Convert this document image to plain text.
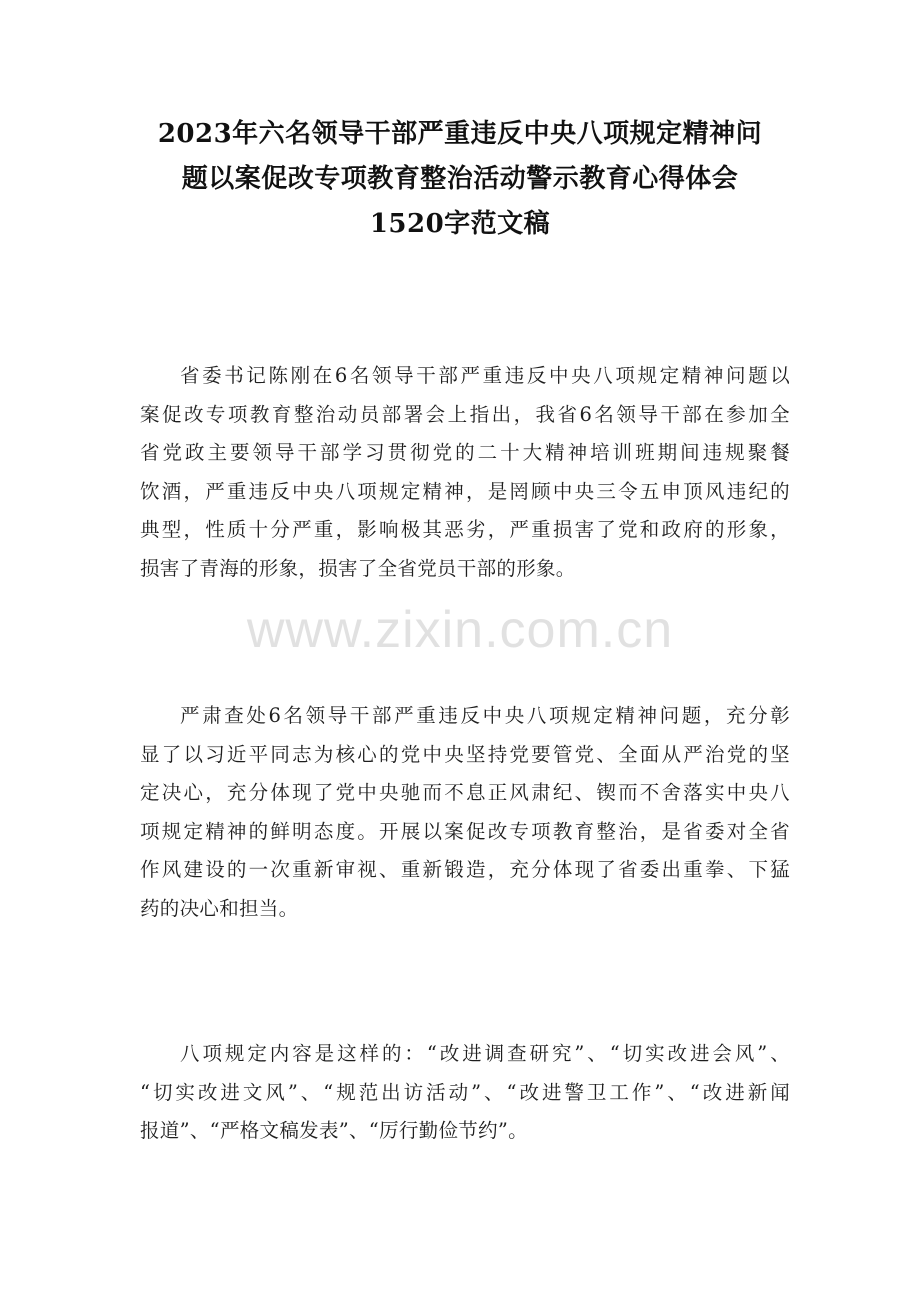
2023年六名领导干部严重违反中央八项规定精神问
题以案促改专项教育整治活动警示教育心得体会
1520字范文稿
省委书记陈刚在6名领导干部严重违反中央八项规定精神问题以
案促改专项教育整治动员部署会上指出，我省6名领导干部在参加全
省党政主要领导干部学习贯彻党的二十大精神培训班期间违规聚餐
饮酒，严重违反中央八项规定精神，是罔顾中央三令五申顶风违纪的
典型，性质十分严重，影响极其恶劣，严重损害了党和政府的形象，
损害了青海的形象，损害了全省党员干部的形象。
严肃查处6名领导干部严重违反中央八项规定精神问题，充分彰
显了以习近平同志为核心的党中央坚持党要管党、全面从严治党的坚
定决心，充分体现了党中央驰而不息正风肃纪、锲而不舍落实中央八
项规定精神的鲜明态度。开展以案促改专项教育整治，是省委对全省
作风建设的一次重新审视、重新锻造，充分体现了省委出重拳、下猛
药的决心和担当。
八项规定内容是这样的：“改进调查研究”、“切实改进会风”、
“切实改进文风”、“规范出访活动”、“改进警卫工作”、“改进新闻
报道”、“严格文稿发表”、“厉行勤俭节约”。
www.zixin.com.cn
